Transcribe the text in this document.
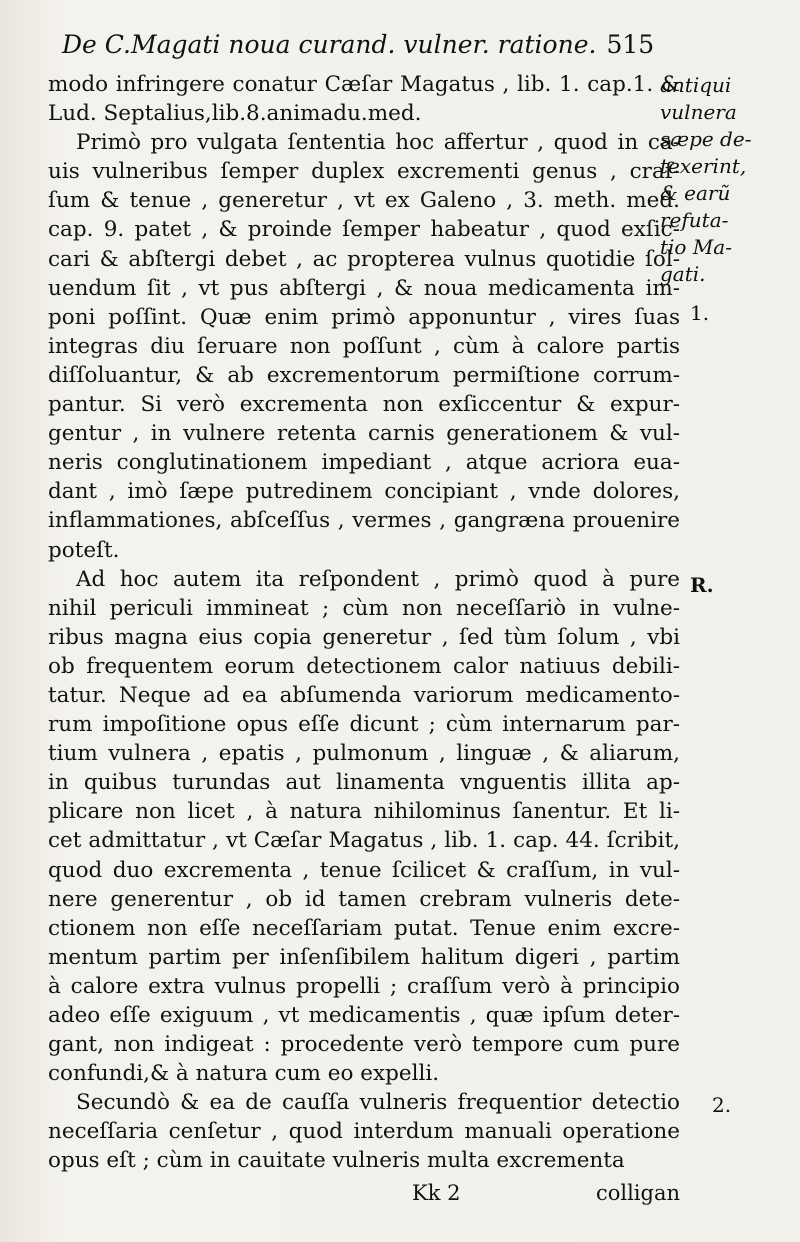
De C.Magati noua curand. vulner. ratione. 515
modo infringere conatur Cæſar Magatus , lib. 1. cap.1. &
Lud. Septalius,lib.8.animadu.med.
Primò pro vulgata ſententia hoc affertur , quod in ca-
uis vulneribus ſemper duplex excrementi genus , craſ-
ſum & tenue , generetur , vt ex Galeno , 3. meth. med.
cap. 9. patet , & proinde ſemper habeatur , quod exſic-
cari & abſtergi debet , ac propterea vulnus quotidie ſol-
uendum ſit , vt pus abſtergi , & noua medicamenta im-
poni poſſint. Quæ enim primò apponuntur , vires ſuas
integras diu ſeruare non poſſunt , cùm à calore partis
diſſoluantur, & ab excrementorum permiſtione corrum-
pantur. Si verò excrementa non exſiccentur & expur-
gentur , in vulnere retenta carnis generationem & vul-
neris conglutinationem impediant , atque acriora eua-
dant , imò ſæpe putredinem concipiant , vnde dolores,
inflammationes, abſceſſus , vermes , gangræna prouenire
poteſt.
Ad hoc autem ita reſpondent , primò quod à pure
nihil periculi immineat ; cùm non neceſſariò in vulne-
ribus magna eius copia generetur , ſed tùm ſolum , vbi
ob frequentem eorum detectionem calor natiuus debili-
tatur. Neque ad ea abſumenda variorum medicamento-
rum impoſitione opus eſſe dicunt ; cùm internarum par-
tium vulnera , epatis , pulmonum , linguæ , & aliarum,
in quibus turundas aut linamenta vnguentis illita ap-
plicare non licet , à natura nihilominus ſanentur. Et li-
cet admittatur , vt Cæſar Magatus , lib. 1. cap. 44. ſcribit,
quod duo excrementa , tenue ſcilicet & craſſum, in vul-
nere generentur , ob id tamen crebram vulneris dete-
ctionem non eſſe neceſſariam putat. Tenue enim excre-
mentum partim per inſenſibilem halitum digeri , partim
à calore extra vulnus propelli ; craſſum verò à principio
adeo eſſe exiguum , vt medicamentis , quæ ipſum deter-
gant, non indigeat : procedente verò tempore cum pure
confundi,& à natura cum eo expelli.
Secundò & ea de cauſſa vulneris frequentior detectio
neceſſaria cenſetur , quod interdum manuali operatione
opus eſt ; cùm in cauitate vulneris multa excrementa
antiqui
vulnera
sæpe de-
texerint,
& earũ
refuta-
tio Ma-
gati.
1.
R.
2.
Kk 2	colligan
